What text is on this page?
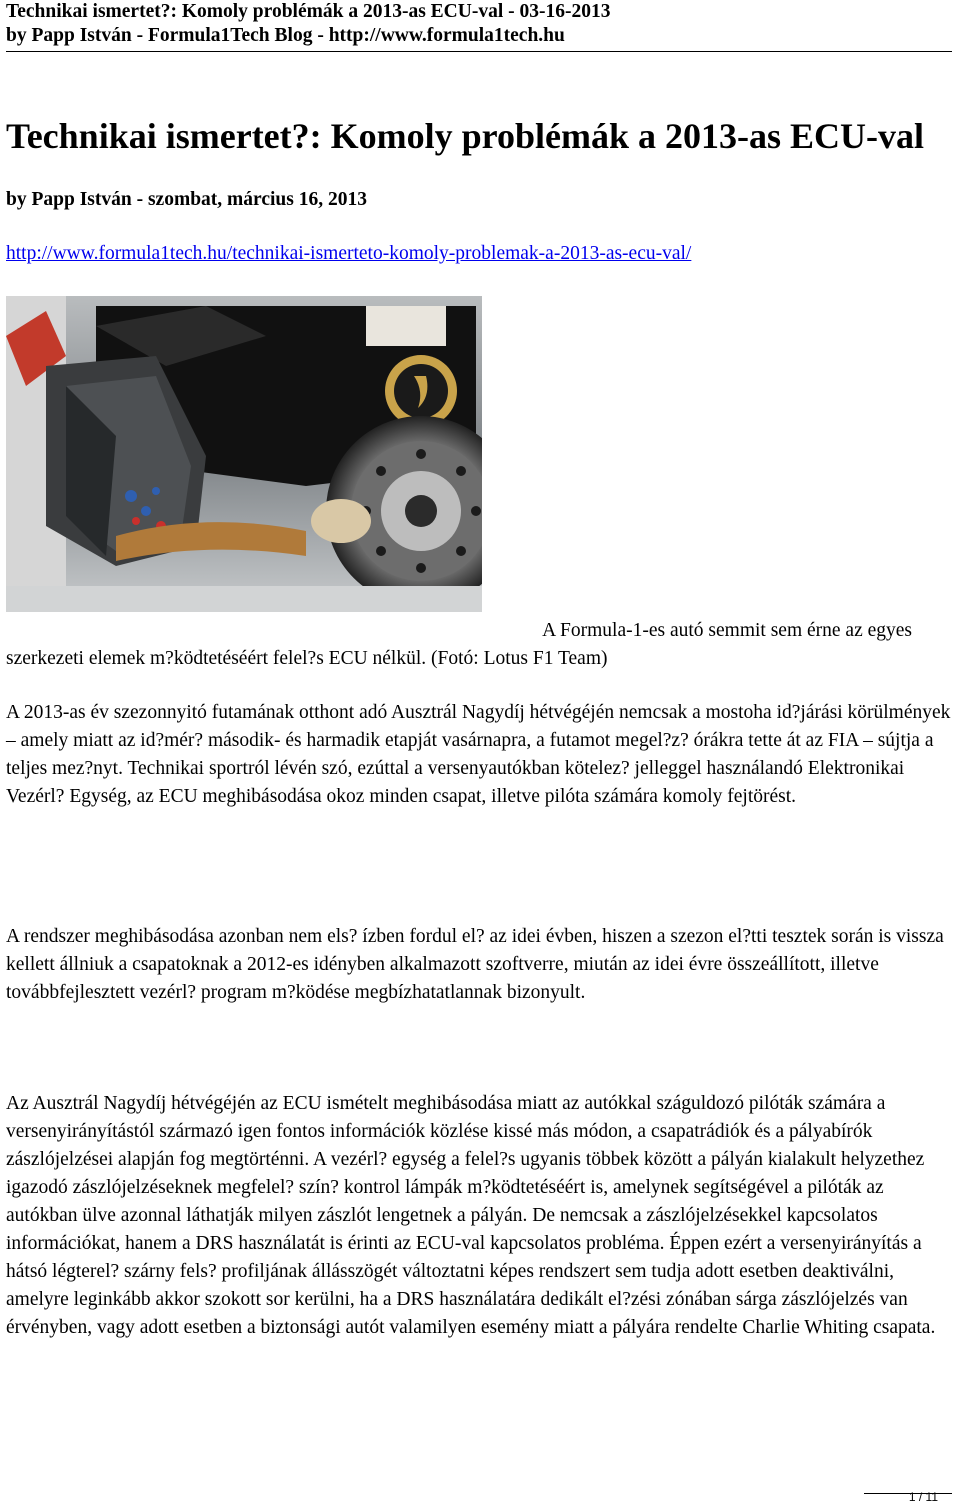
Technikai ismertet?: Komoly problémák a 2013-as ECU-val - 03-16-2013
by Papp István - Formula1Tech Blog - http://www.formula1tech.hu
Technikai ismertet?: Komoly problémák a 2013-as ECU-val
by Papp István - szombat, március 16, 2013
http://www.formula1tech.hu/technikai-ismerteto-komoly-problemak-a-2013-as-ecu-val/
A Formula-1-es autó semmit sem érne az egyes
szerkezeti elemek m?ködtetéséért felel?s ECU nélkül. (Fotó: Lotus F1 Team)

A 2013-as év szezonnyitó futamának otthont adó Ausztrál Nagydíj hétvégéjén nemcsak a mostoha id?járási körülmények – amely miatt az id?mér? második- és harmadik etapját vasárnapra, a futamot megel?z? órákra tette át az FIA – sújtja a teljes mez?nyt. Technikai sportról lévén szó, ezúttal a versenyautókban kötelez? jelleggel használandó Elektronikai Vezérl? Egység, az ECU meghibásodása okoz minden csapat, illetve pilóta számára komoly fejtörést.

A rendszer meghibásodása azonban nem els? ízben fordul el? az idei évben, hiszen a szezon el?tti tesztek során is vissza kellett állniuk a csapatoknak a 2012-es idényben alkalmazott szoftverre, miután az idei évre összeállított, illetve továbbfejlesztett vezérl? program m?ködése megbízhatatlannak bizonyult.

Az Ausztrál Nagydíj hétvégéjén az ECU ismételt meghibásodása miatt az autókkal száguldozó pilóták számára a versenyirányítástól származó igen fontos információk közlése kissé más módon, a csapatrádiók és a pályabírók zászlójelzései alapján fog megtörténni. A vezérl? egység a felel?s ugyanis többek között a pályán kialakult helyzethez igazodó zászlójelzéseknek megfelel? szín? kontrol lámpák m?ködtetéséért is, amelynek segítségével a pilóták az autókban ülve azonnal láthatják milyen zászlót lengetnek a pályán. De nemcsak a zászlójelzésekkel kapcsolatos információkat, hanem a DRS használatát is érinti az ECU-val kapcsolatos probléma. Éppen ezért a versenyirányítás a hátsó légterel? szárny fels? profiljának állásszögét változtatni képes rendszert sem tudja adott esetben deaktiválni, amelyre leginkább akkor szokott sor kerülni, ha a DRS használatára dedikált el?zési zónában sárga zászlójelzés van érvényben, vagy adott esetben a biztonsági autót valamilyen esemény miatt a pályára rendelte Charlie Whiting csapata.

1 / 11
